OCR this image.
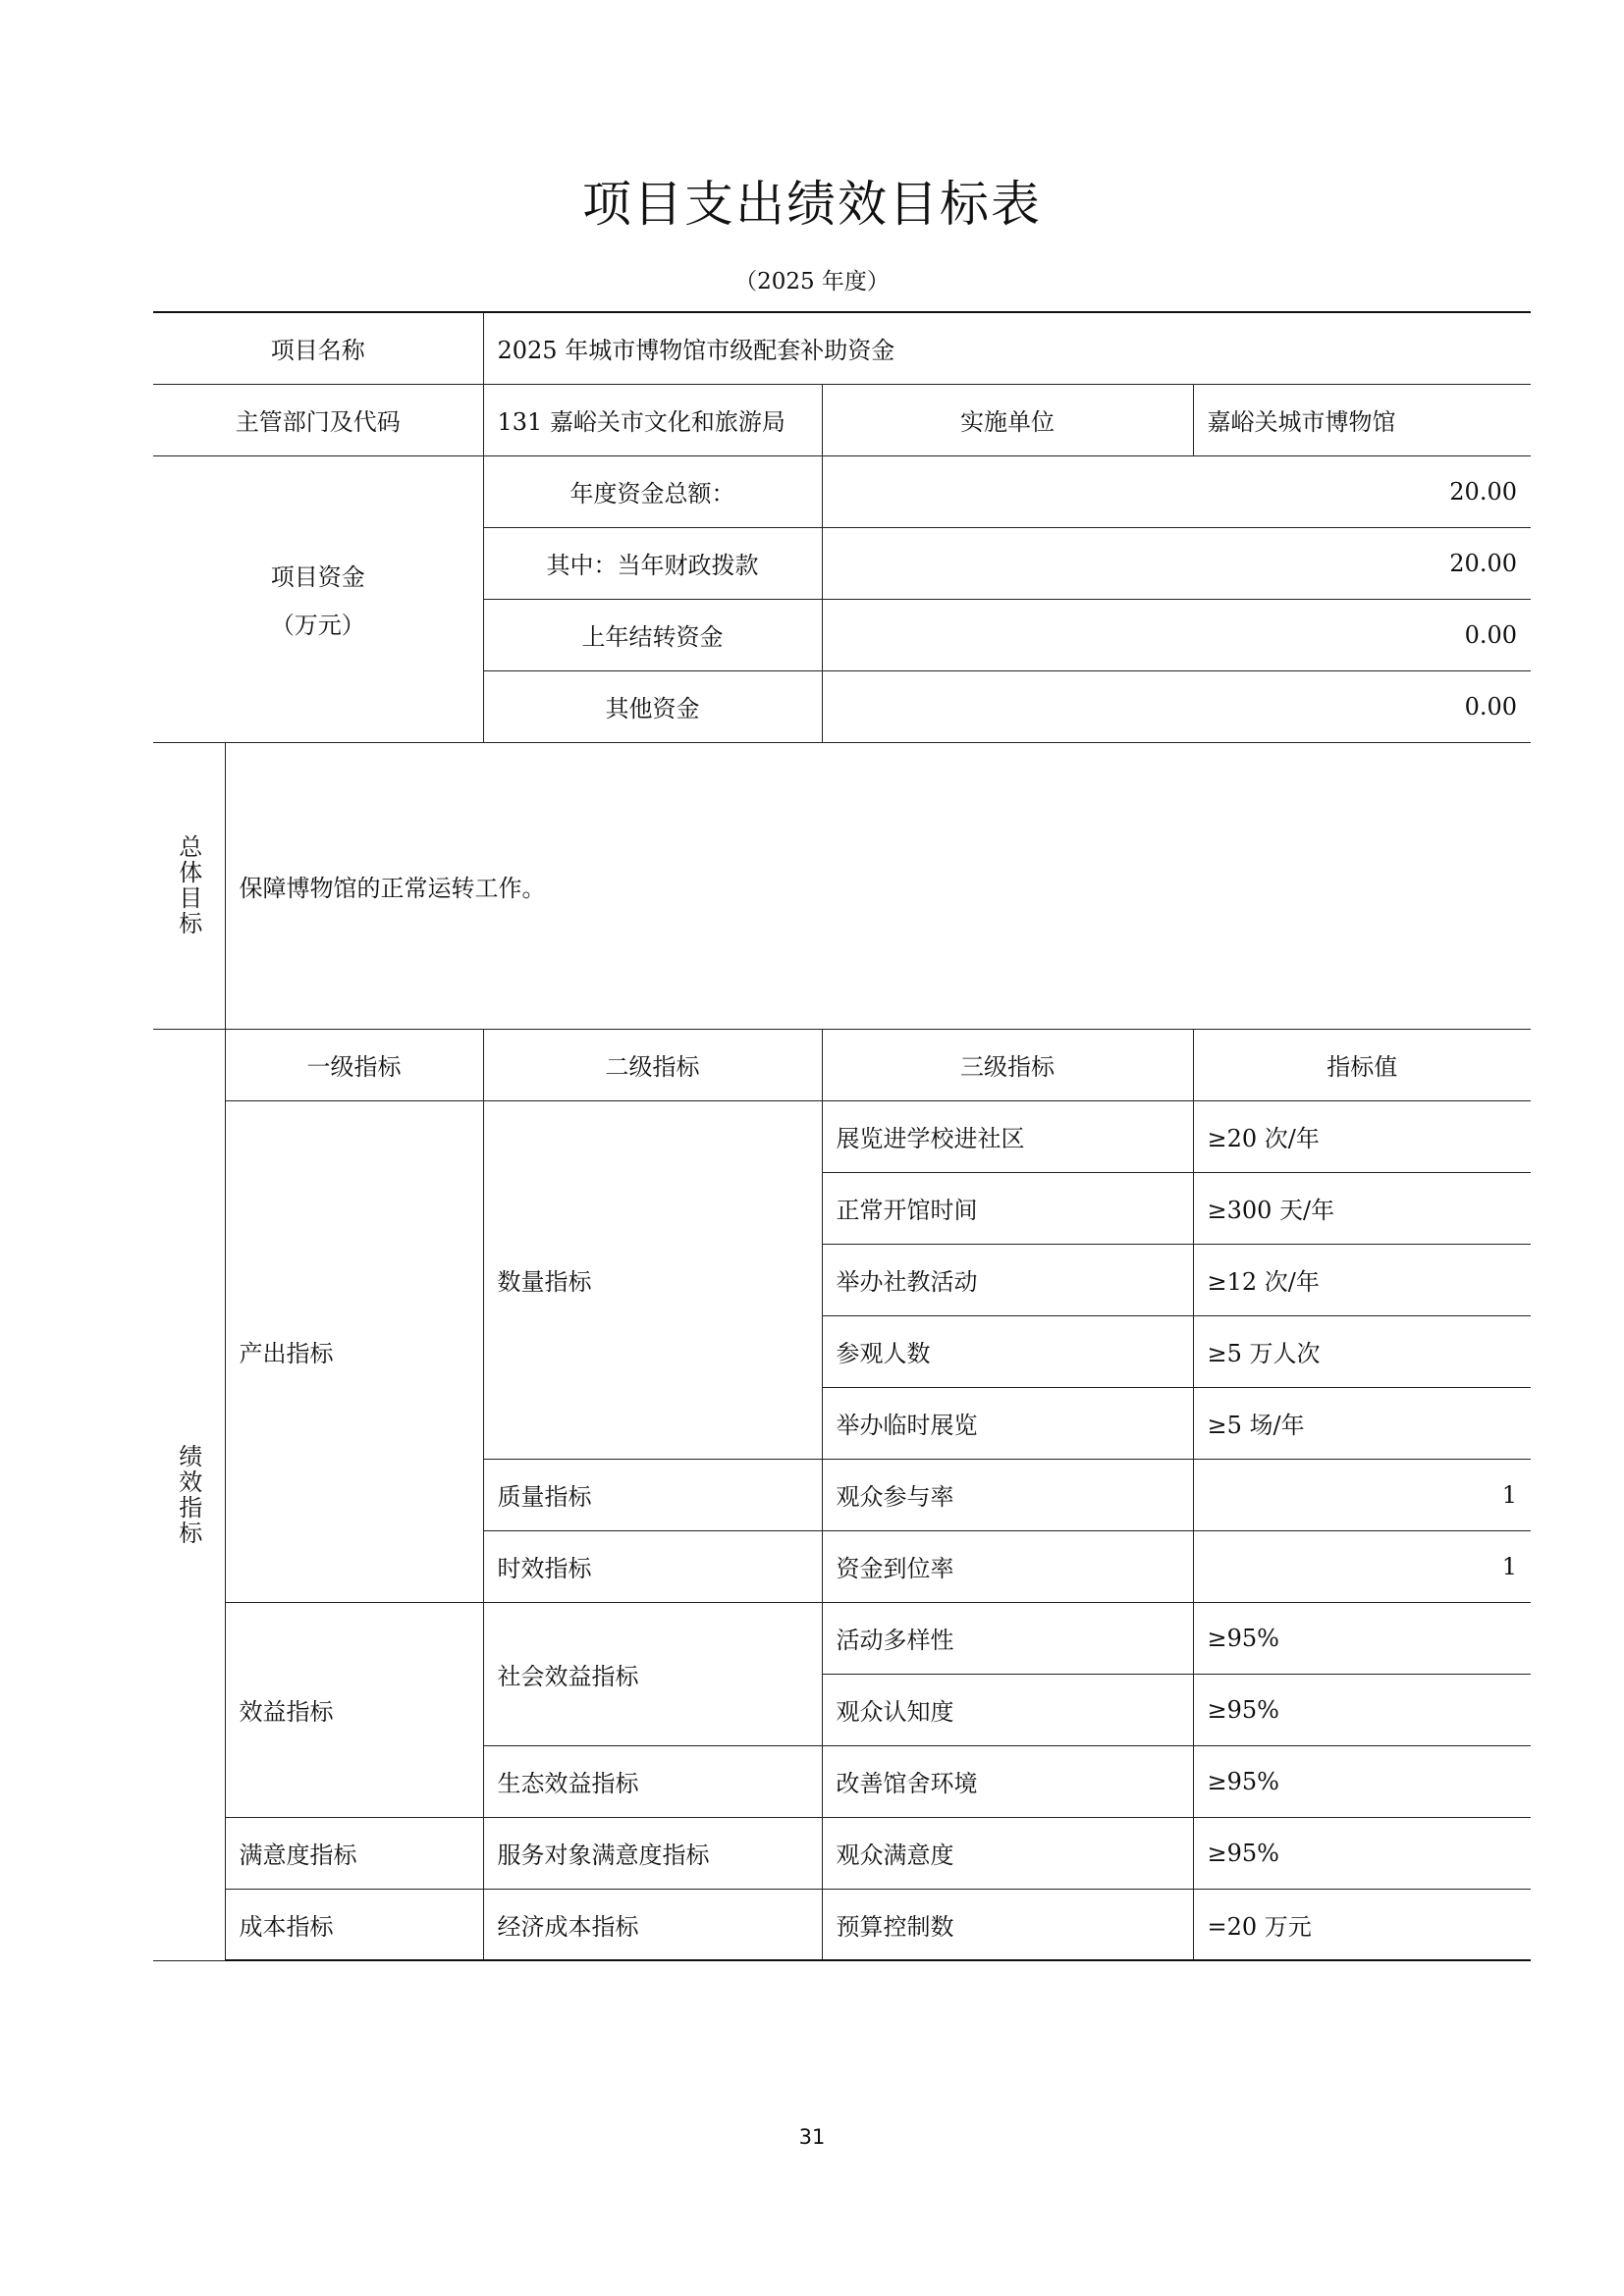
项目支出绩效目标表
（2025 年度）
项目名称		2025 年城市博物馆市级配套补助资金		
主管部门及代码		131 嘉峪关市文化和旅游局	实施单位	嘉峪关城市博物馆

项目资金
（万元）		年度资金总额：	20.00	
		其中：当年财政拨款	20.00	
		上年结转资金	0.00	
		其他资金	0.00	
总体目标	保障博物馆的正常运转工作。			
绩效指标	一级指标	二级指标	三级指标	指标值
	产出指标	数量指标	展览进学校进社区	≥20 次/年
			正常开馆时间	≥300 天/年
			举办社教活动	≥12 次/年
			参观人数	≥5 万人次
			举办临时展览	≥5 场/年
		质量指标	观众参与率	1
		时效指标	资金到位率	1
	效益指标	社会效益指标	活动多样性	≥95%
			观众认知度	≥95%
		生态效益指标	改善馆舍环境	≥95%
	满意度指标	服务对象满意度指标	观众满意度	≥95%
	成本指标	经济成本指标	预算控制数	=20 万元
31
